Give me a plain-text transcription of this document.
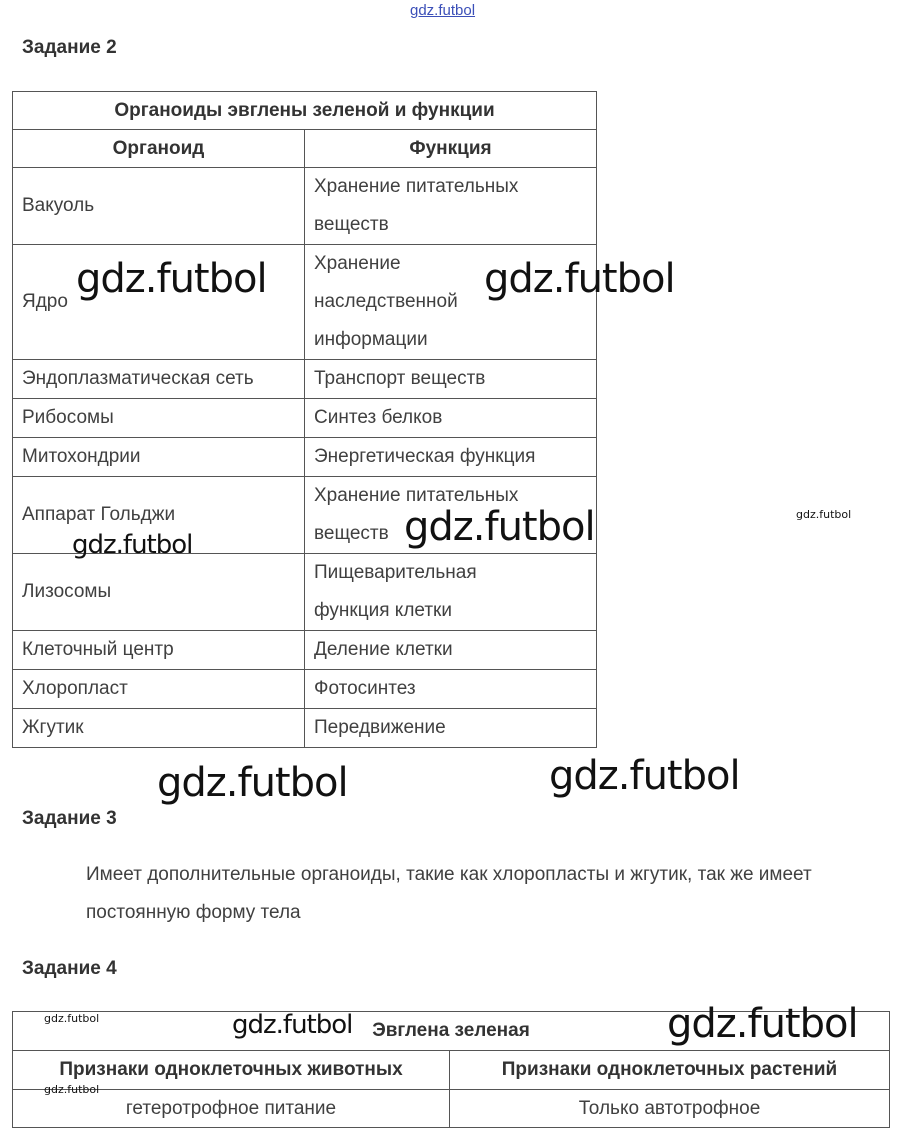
gdz.futbol
Задание 2
Органоиды эвглены зеленой и функции	
Органоид	Функция
Вакуоль	Хранение питательных веществ
Ядро	Хранение наследственной информации
Эндоплазматическая сеть	Транспорт веществ
Рибосомы	Синтез белков
Митохондрии	Энергетическая функция
Аппарат Гольджи	Хранение питательных веществ
Лизосомы	Пищеварительная функция клетки
Клеточный центр	Деление клетки
Хлоропласт	Фотосинтез
Жгутик	Передвижение
Задание 3
Имеет дополнительные органоиды, такие как хлоропласты и жгутик, так же имеет постоянную форму тела
Задание 4
Эвглена зеленая	
Признаки одноклеточных животных	Признаки одноклеточных растений
гетеротрофное питание	Только автотрофное
gdz.futbol	gdz.futbol
gdz.futbol
gdz.futbol
gdz.futbol
gdz.futbol	gdz.futbol
gdz.futbol	gdz.futbol	gdz.futbol
gdz.futbol
